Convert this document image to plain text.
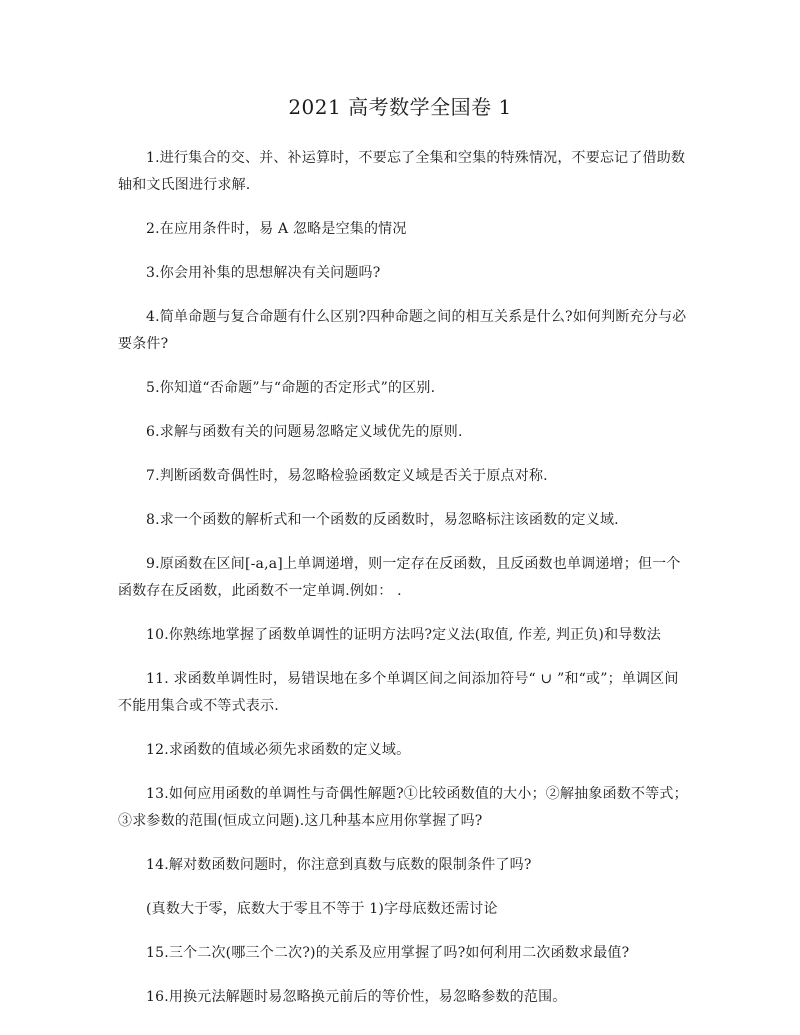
2021 高考数学全国卷 1

1.进行集合的交、并、补运算时，不要忘了全集和空集的特殊情况，不要忘记了借助数轴和文氏图进行求解.

2.在应用条件时，易 A 忽略是空集的情况

3.你会用补集的思想解决有关问题吗?

4.简单命题与复合命题有什么区别?四种命题之间的相互关系是什么?如何判断充分与必要条件?

5.你知道“否命题”与“命题的否定形式”的区别.

6.求解与函数有关的问题易忽略定义域优先的原则.

7.判断函数奇偶性时，易忽略检验函数定义域是否关于原点对称.

8.求一个函数的解析式和一个函数的反函数时，易忽略标注该函数的定义域.

9.原函数在区间[-a,a]上单调递增，则一定存在反函数，且反函数也单调递增；但一个函数存在反函数，此函数不一定单调.例如： .

10.你熟练地掌握了函数单调性的证明方法吗?定义法(取值, 作差, 判正负)和导数法

11. 求函数单调性时，易错误地在多个单调区间之间添加符号“ ∪ ”和“或”；单调区间不能用集合或不等式表示.

12.求函数的值域必须先求函数的定义域。

13.如何应用函数的单调性与奇偶性解题?①比较函数值的大小；②解抽象函数不等式；③求参数的范围(恒成立问题).这几种基本应用你掌握了吗?

14.解对数函数问题时，你注意到真数与底数的限制条件了吗?

(真数大于零，底数大于零且不等于 1)字母底数还需讨论

15.三个二次(哪三个二次?)的关系及应用掌握了吗?如何利用二次函数求最值?

16.用换元法解题时易忽略换元前后的等价性，易忽略参数的范围。
